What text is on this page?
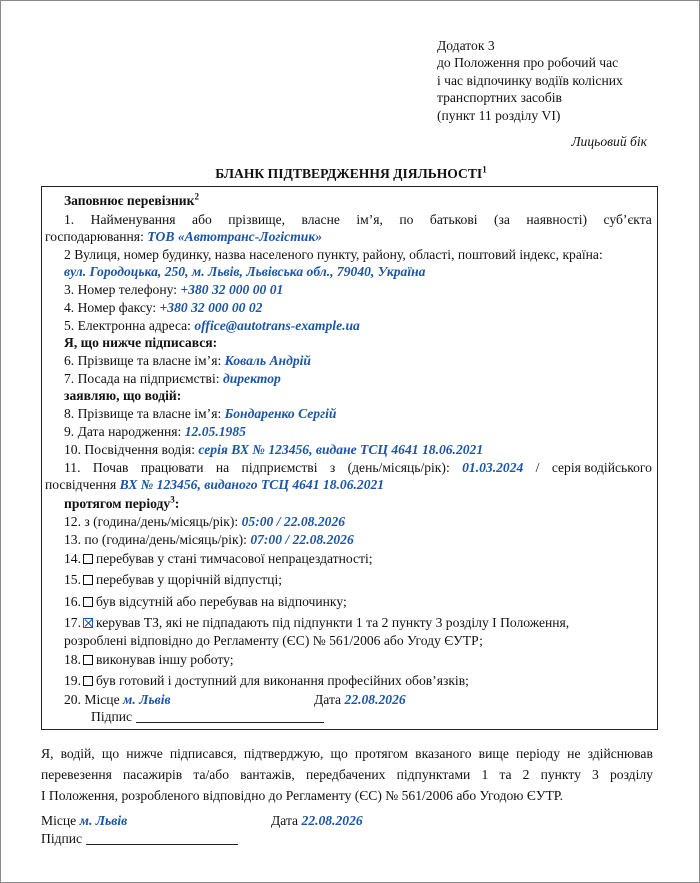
Додаток 3
до Положення про робочий час
і час відпочинку водіїв колісних
транспортних засобів
(пункт 11 розділу VI)
Лицьовий бік
БЛАНК ПІДТВЕРДЖЕННЯ ДІЯЛЬНОСТІ$^1$
Заповнює перевізник$^2$
1. Найменування або прізвище, власне ім’я, по батькові (за наявності) суб’єкта
господарювання: ТОВ «Автотранс-Логістик»
2 Вулиця, номер будинку, назва населеного пункту, району, області, поштовий індекс, країна:
вул. Городоцька, 250, м. Львів, Львівська обл., 79040, Україна
3. Номер телефону: +380 32 000 00 01
4. Номер факсу: +380 32 000 00 02
5. Електронна адреса: office@autotrans-example.ua
Я, що нижче підписався:
6. Прізвище та власне ім’я: Коваль Андрій
7. Посада на підприємстві: директор
заявляю, що водій:
8. Прізвище та власне ім’я: Бондаренко Сергій
9. Дата народження: 12.05.1985
10. Посвідчення водія: серія ВХ № 123456, видане ТСЦ 4641 18.06.2021
11. Почав працювати на підприємстві з (день/місяць/рік): 01.03.2024 / серія водійського
посвідчення ВХ № 123456, виданого ТСЦ 4641 18.06.2021
протягом періоду$^3$:
12. з (година/день/місяць/рік): 05:00 / 22.08.2026
13. по (година/день/місяць/рік): 07:00 / 22.08.2026
14. перебував у стані тимчасової непрацездатності;
15. перебував у щорічній відпустці;
16. був відсутній або перебував на відпочинку;
17. керував ТЗ, які не підпадають під підпункти 1 та 2 пункту 3 розділу І Положення,
розроблені відповідно до Регламенту (ЄС) № 561/2006 або Угоду ЄУТР;
18. виконував іншу роботу;
19. був готовий і доступний для виконання професійних обов’язків;
20. Місце м. Львів	Дата 22.08.2026
Підпис
Я, водій, що нижче підписався, підтверджую, що протягом вказаного вище періоду не здійснював
перевезення пасажирів та/або вантажів, передбачених підпунктами 1 та 2 пункту 3 розділу
І Положення, розробленого відповідно до Регламенту (ЄС) № 561/2006 або Угодою ЄУТР.
Місце м. Львів	Дата 22.08.2026
Підпис
